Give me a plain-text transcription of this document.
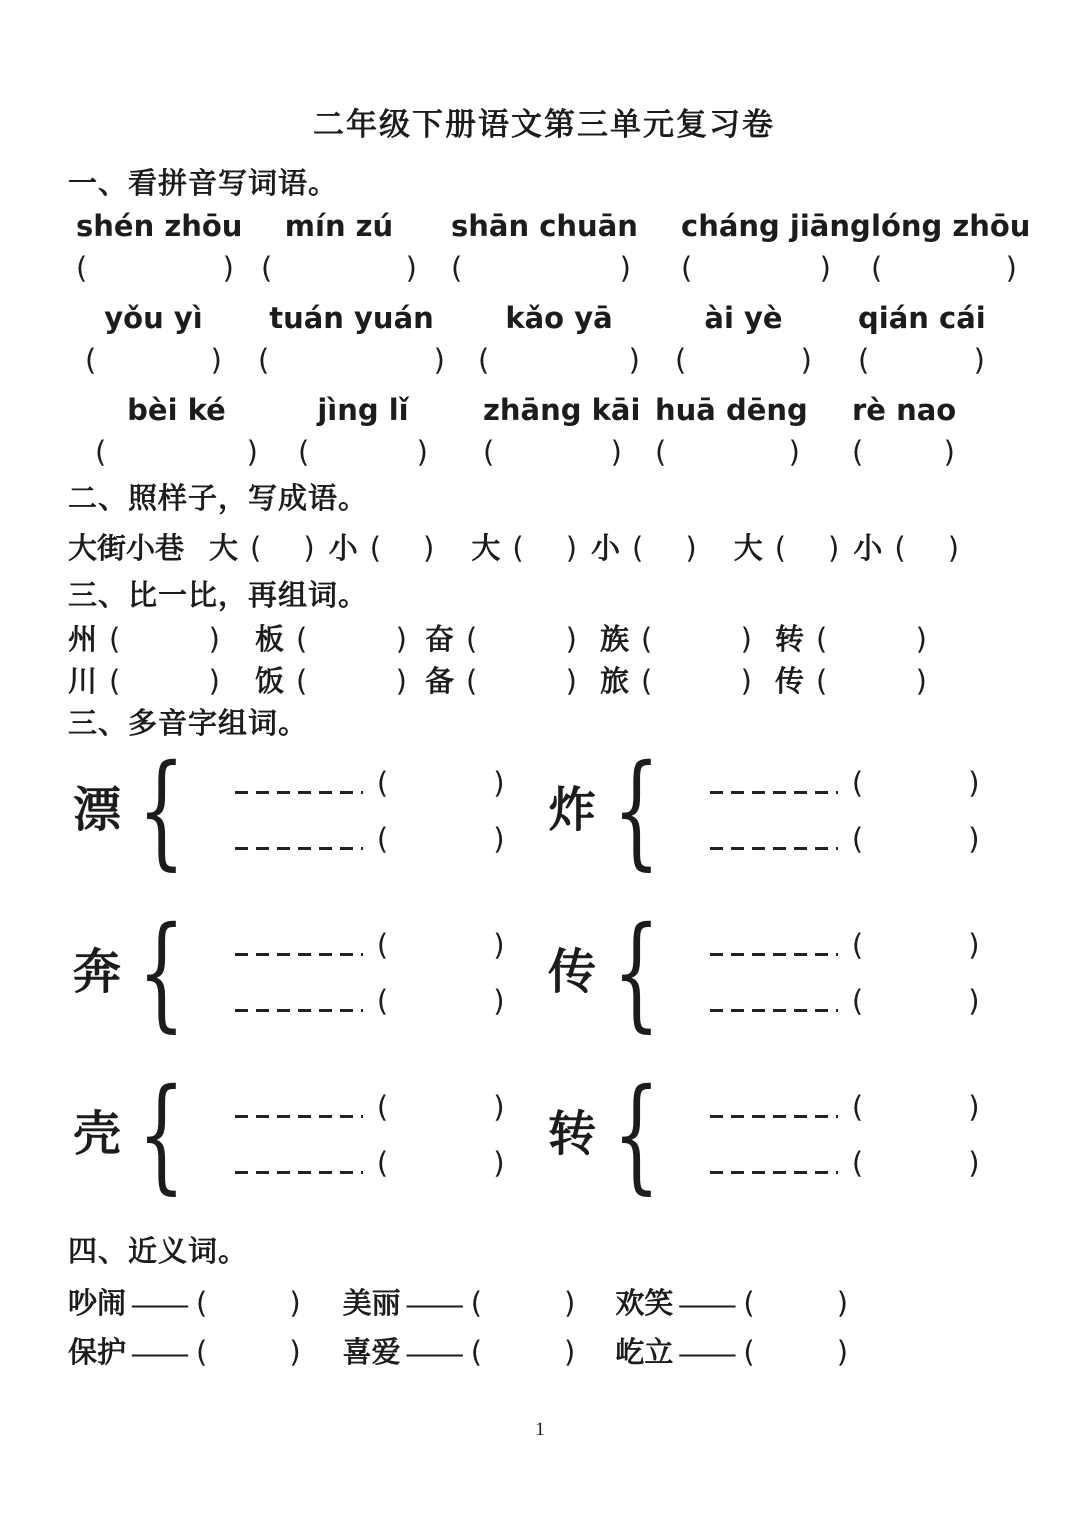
二年级下册语文第三单元复习卷
一、看拼音写词语。
shén zhōu
(	)
mín zú
(	)
shān chuān
(	)
cháng jiāng
(	)
lóng zhōu
(	)
yǒu yì
(	)
tuán yuán
(	)
kǎo yā
(	)
ài yè
(	)
qián cái
(	)
bèi ké
(	)
jìng lǐ
(	)
zhāng kāi
(	)
huā dēng
(	)
rè nao
(	)
二、照样子，写成语。
大街小巷 大 ( ) 小 ( ) 大 ( ) 小 ( ) 大 ( ) 小 ( )
三、比一比，再组词。
州 (	) 板 (	) 奋 (	) 族 (	) 转 (	)
川 (	) 饭 (	) 备 (	) 旅 (	) 传 (	)
三、多音字组词。
漂 {	(	)
(	)
炸 {	(	)
(	)
奔 {	(	)
(	)
传 {	(	)
(	)
壳 {	(	)
(	)
转 {	(	)
(	)
四、近义词。
吵闹 —— (	) 美丽 —— (	) 欢笑 —— (	)
保护 —— (	) 喜爱 —— (	) 屹立 —— (	)
1
